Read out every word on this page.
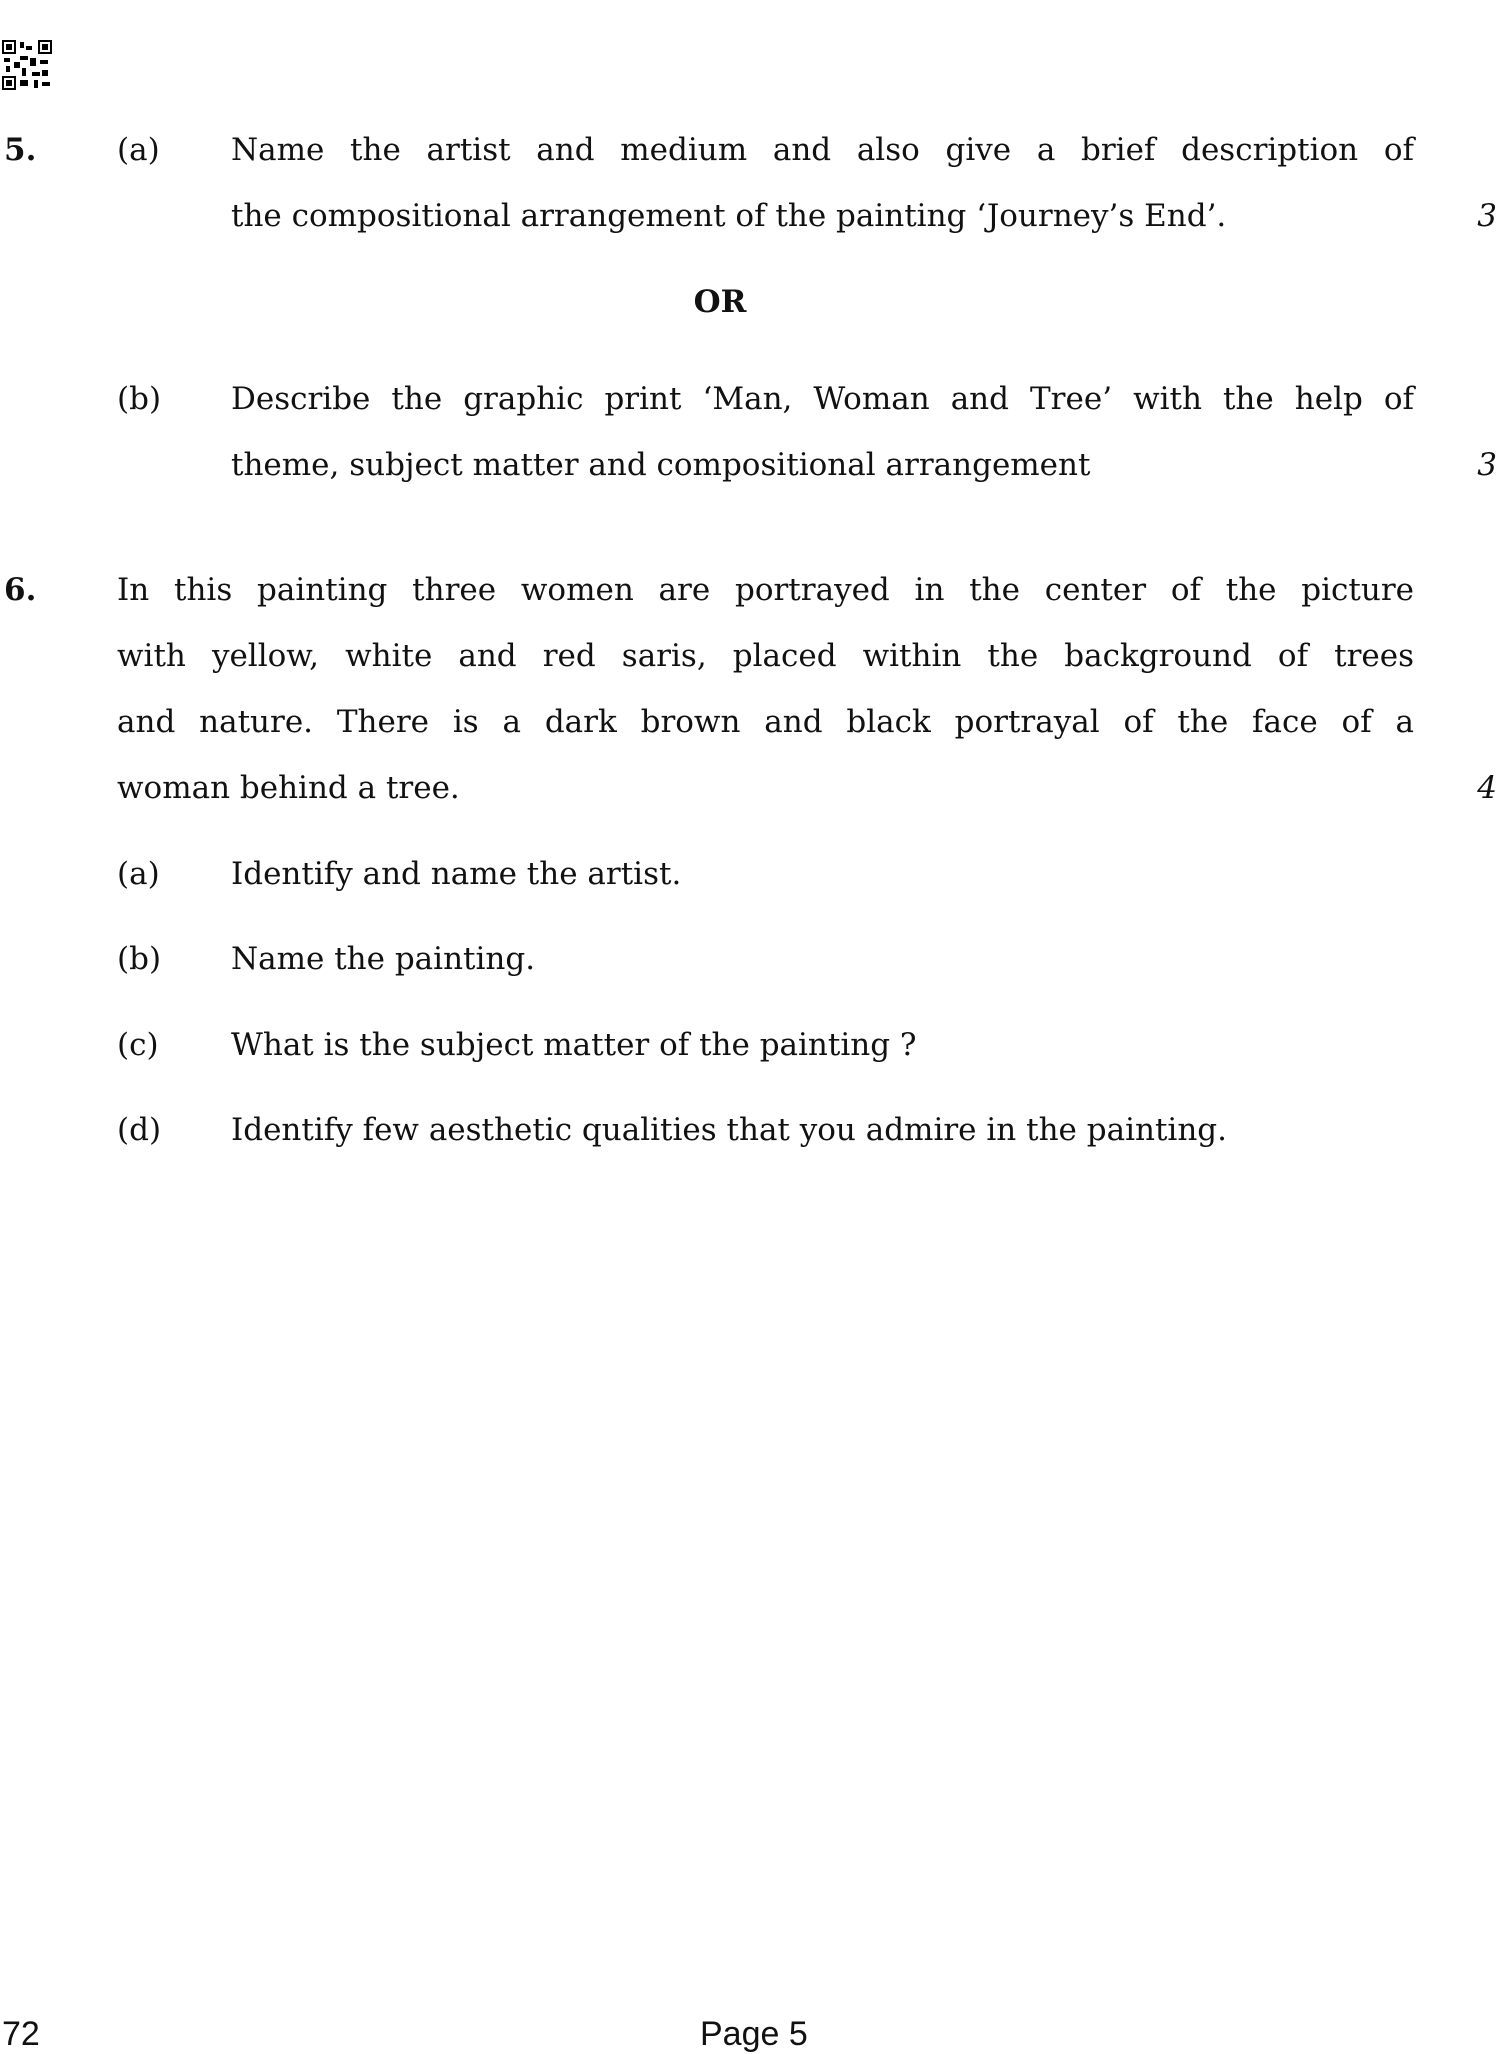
5.	(a) Name the artist and medium and also give a brief description of
the compositional arrangement of the painting ‘Journey’s End’.	3
OR
(b) Describe the graphic print ‘Man, Woman and Tree’ with the help of
theme, subject matter and compositional arrangement	3
6.	In this painting three women are portrayed in the center of the picture
with yellow, white and red saris, placed within the background of trees
and nature. There is a dark brown and black portrayal of the face of a
woman behind a tree.	4
(a) Identify and name the artist.
(b) Name the painting.
(c) What is the subject matter of the painting ?
(d) Identify few aesthetic qualities that you admire in the painting.
72	Page 5
